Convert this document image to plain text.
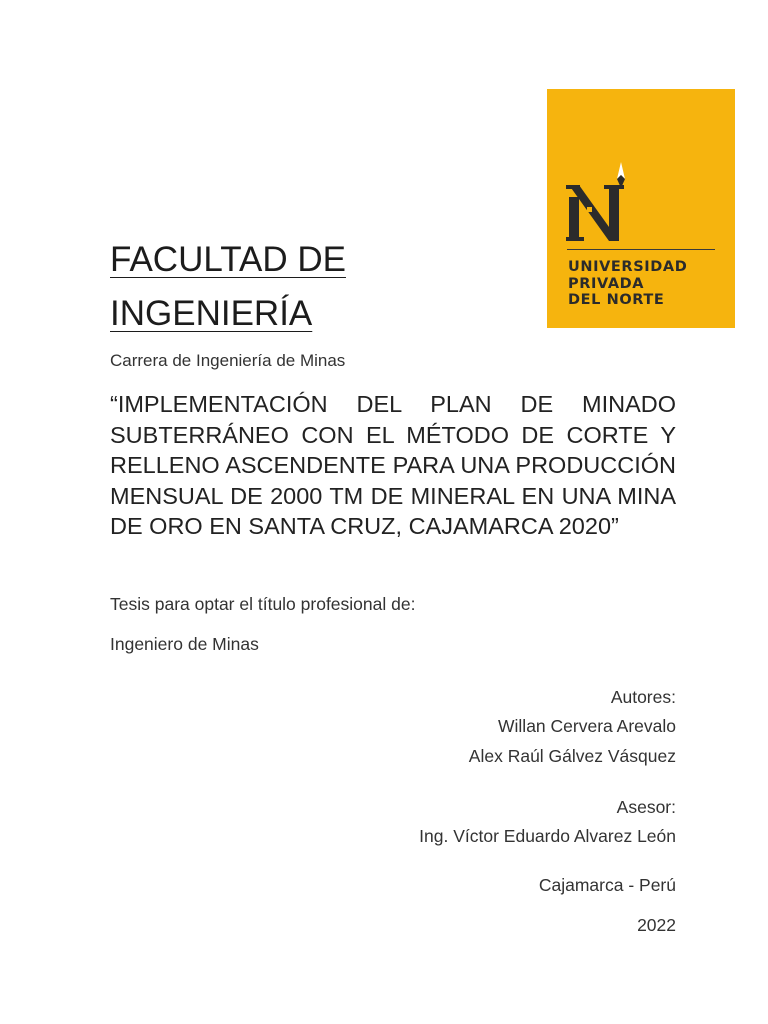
UNIVERSIDAD
PRIVADA
DEL NORTE
FACULTAD DE
INGENIERÍA
Carrera de Ingeniería de Minas
“IMPLEMENTACIÓN DEL PLAN DE MINADO SUBTERRÁNEO CON EL MÉTODO DE CORTE Y RELLENO ASCENDENTE PARA UNA PRODUCCIÓN MENSUAL DE 2000 TM DE MINERAL EN UNA MINA DE ORO EN SANTA CRUZ, CAJAMARCA 2020”
Tesis para optar el título profesional de:
Ingeniero de Minas
Autores:
Willan Cervera Arevalo
Alex Raúl Gálvez Vásquez
Asesor:
Ing. Víctor Eduardo Alvarez León
Cajamarca - Perú
2022
